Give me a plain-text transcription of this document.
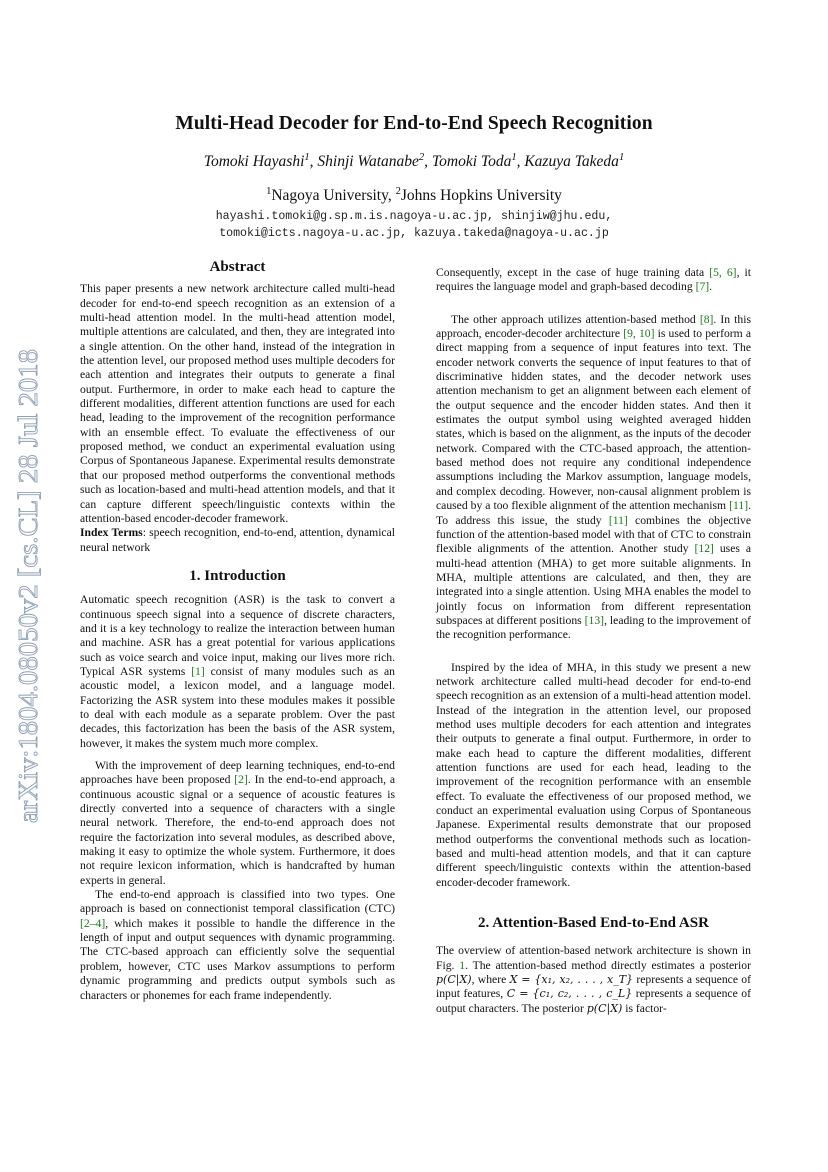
arXiv:1804.08050v2 [cs.CL] 28 Jul 2018
Multi-Head Decoder for End-to-End Speech Recognition
Tomoki Hayashi$^1$, Shinji Watanabe$^2$, Tomoki Toda$^1$, Kazuya Takeda$^1$
$^1$Nagoya University, $^2$Johns Hopkins University
hayashi.tomoki@g.sp.m.is.nagoya-u.ac.jp, shinjiw@jhu.edu,
tomoki@icts.nagoya-u.ac.jp, kazuya.takeda@nagoya-u.ac.jp
Abstract

This paper presents a new network architecture called multi-head decoder for end-to-end speech recognition as an extension of a multi-head attention model. In the multi-head attention model, multiple attentions are calculated, and then, they are integrated into a single attention. On the other hand, instead of the integration in the attention level, our proposed method uses multiple decoders for each attention and integrates their outputs to generate a final output. Furthermore, in order to make each head to capture the different modalities, different attention functions are used for each head, leading to the improvement of the recognition performance with an ensemble effect. To evaluate the effectiveness of our proposed method, we conduct an experimental evaluation using Corpus of Spontaneous Japanese. Experimental results demonstrate that our proposed method outperforms the conventional methods such as location-based and multi-head attention models, and that it can capture different speech/linguistic contexts within the attention-based encoder-decoder framework.

Index Terms: speech recognition, end-to-end, attention, dynamical neural network

1. Introduction

Automatic speech recognition (ASR) is the task to convert a continuous speech signal into a sequence of discrete characters, and it is a key technology to realize the interaction between human and machine. ASR has a great potential for various applications such as voice search and voice input, making our lives more rich. Typical ASR systems [1] consist of many modules such as an acoustic model, a lexicon model, and a language model. Factorizing the ASR system into these modules makes it possible to deal with each module as a separate problem. Over the past decades, this factorization has been the basis of the ASR system, however, it makes the system much more complex.

With the improvement of deep learning techniques, end-to-end approaches have been proposed [2]. In the end-to-end approach, a continuous acoustic signal or a sequence of acoustic features is directly converted into a sequence of characters with a single neural network. Therefore, the end-to-end approach does not require the factorization into several modules, as described above, making it easy to optimize the whole system. Furthermore, it does not require lexicon information, which is handcrafted by human experts in general.

The end-to-end approach is classified into two types. One approach is based on connectionist temporal classification (CTC) [2–4], which makes it possible to handle the difference in the length of input and output sequences with dynamic programming. The CTC-based approach can efficiently solve the sequential problem, however, CTC uses Markov assumptions to perform dynamic programming and predicts output symbols such as characters or phonemes for each frame independently.

Consequently, except in the case of huge training data [5, 6], it requires the language model and graph-based decoding [7].

The other approach utilizes attention-based method [8]. In this approach, encoder-decoder architecture [9, 10] is used to perform a direct mapping from a sequence of input features into text. The encoder network converts the sequence of input features to that of discriminative hidden states, and the decoder network uses attention mechanism to get an alignment between each element of the output sequence and the encoder hidden states. And then it estimates the output symbol using weighted averaged hidden states, which is based on the alignment, as the inputs of the decoder network. Compared with the CTC-based approach, the attention-based method does not require any conditional independence assumptions including the Markov assumption, language models, and complex decoding. However, non-causal alignment problem is caused by a too flexible alignment of the attention mechanism [11]. To address this issue, the study [11] combines the objective function of the attention-based model with that of CTC to constrain flexible alignments of the attention. Another study [12] uses a multi-head attention (MHA) to get more suitable alignments. In MHA, multiple attentions are calculated, and then, they are integrated into a single attention. Using MHA enables the model to jointly focus on information from different representation subspaces at different positions [13], leading to the improvement of the recognition performance.

Inspired by the idea of MHA, in this study we present a new network architecture called multi-head decoder for end-to-end speech recognition as an extension of a multi-head attention model. Instead of the integration in the attention level, our proposed method uses multiple decoders for each attention and integrates their outputs to generate a final output. Furthermore, in order to make each head to capture the different modalities, different attention functions are used for each head, leading to the improvement of the recognition performance with an ensemble effect. To evaluate the effectiveness of our proposed method, we conduct an experimental evaluation using Corpus of Spontaneous Japanese. Experimental results demonstrate that our proposed method outperforms the conventional methods such as location-based and multi-head attention models, and that it can capture different speech/linguistic contexts within the attention-based encoder-decoder framework.

2. Attention-Based End-to-End ASR

The overview of attention-based network architecture is shown in Fig. 1. The attention-based method directly estimates a posterior p(C|X), where X = {x₁, x₂, . . . , x_T} represents a sequence of input features, C = {c₁, c₂, . . . , c_L} represents a sequence of output characters. The posterior p(C|X) is factor-
